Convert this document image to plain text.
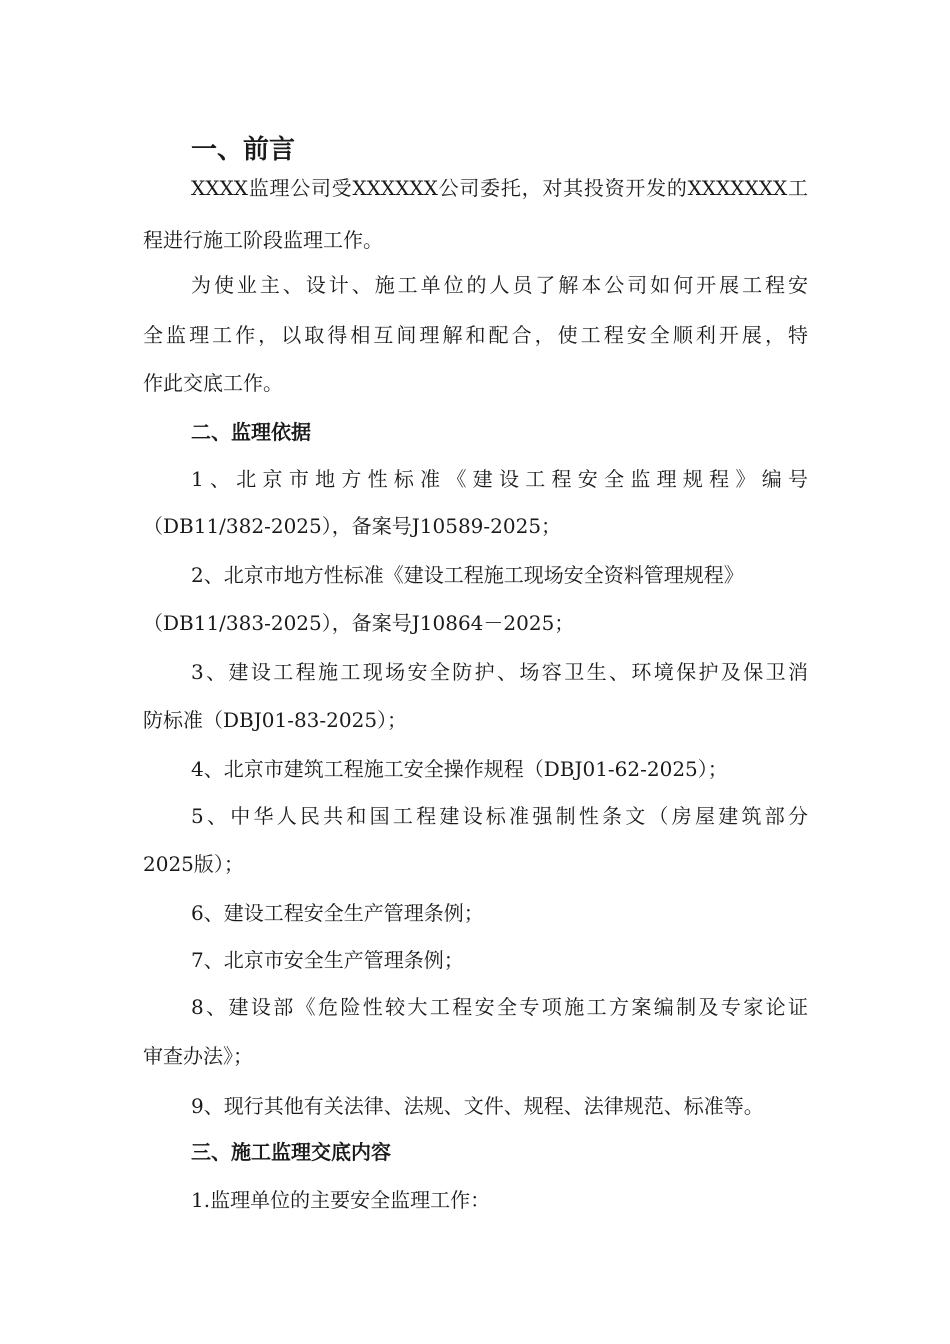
一、前言
XXXX监理公司受XXXXXX公司委托，对其投资开发的XXXXXXX工
程进行施工阶段监理工作。
为使业主、设计、施工单位的人员了解本公司如何开展工程安
全监理工作，以取得相互间理解和配合，使工程安全顺利开展，特
作此交底工作。
二、监理依据
1、北京市地方性标准《建设工程安全监理规程》编号
（DB11/382-2025），备案号J10589-2025；
2、北京市地方性标准《建设工程施工现场安全资料管理规程》
（DB11/383-2025），备案号J10864－2025；
3、建设工程施工现场安全防护、场容卫生、环境保护及保卫消
防标准（DBJ01-83-2025）；
4、北京市建筑工程施工安全操作规程（DBJ01-62-2025）；
5、中华人民共和国工程建设标准强制性条文（房屋建筑部分
2025版）；
6、建设工程安全生产管理条例；
7、北京市安全生产管理条例；
8、建设部《危险性较大工程安全专项施工方案编制及专家论证
审查办法》；
9、现行其他有关法律、法规、文件、规程、法律规范、标准等。
三、施工监理交底内容
1.监理单位的主要安全监理工作：
